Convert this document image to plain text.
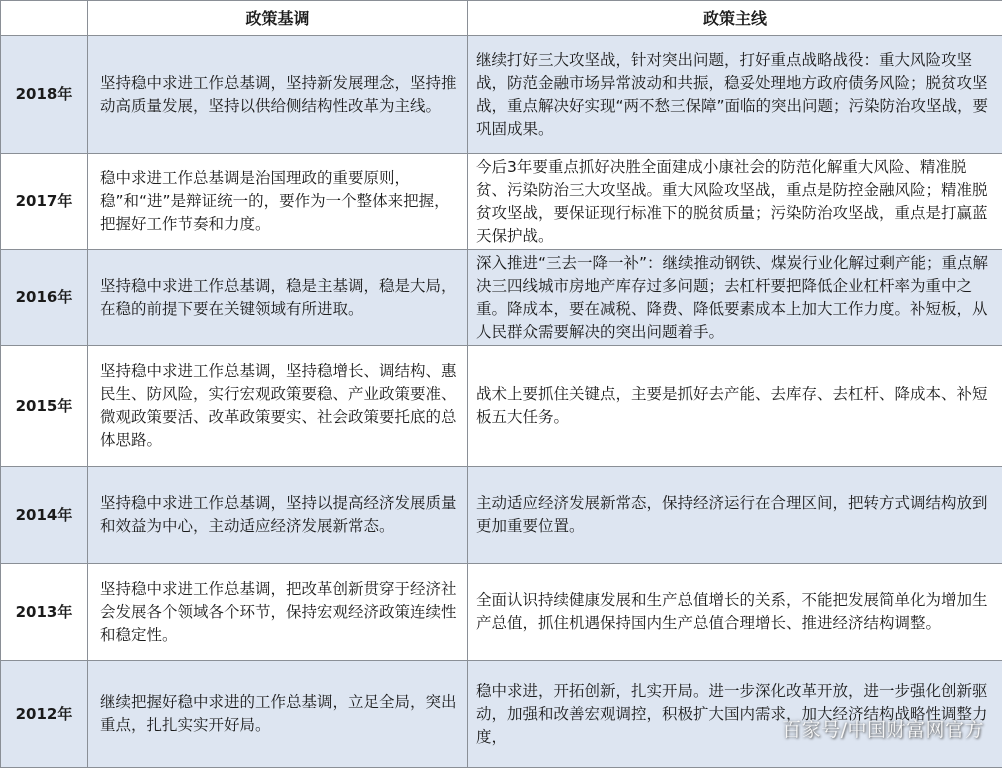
	政策基调	政策主线
2018年	坚持稳中求进工作总基调，坚持新发展理念，坚持推动高质量发展，坚持以供给侧结构性改革为主线。	继续打好三大攻坚战，针对突出问题，打好重点战略战役：重大风险攻坚战，防范金融市场异常波动和共振，稳妥处理地方政府债务风险；脱贫攻坚战，重点解决好实现“两不愁三保障”面临的突出问题；污染防治攻坚战，要巩固成果。
2017年	稳中求进工作总基调是治国理政的重要原则，稳”和“进”是辩证统一的，要作为一个整体来把握，把握好工作节奏和力度。	今后3年要重点抓好决胜全面建成小康社会的防范化解重大风险、精准脱贫、污染防治三大攻坚战。重大风险攻坚战，重点是防控金融风险；精准脱贫攻坚战，要保证现行标准下的脱贫质量；污染防治攻坚战，重点是打赢蓝天保护战。
2016年	坚持稳中求进工作总基调，稳是主基调，稳是大局，在稳的前提下要在关键领域有所进取。	深入推进“三去一降一补”：继续推动钢铁、煤炭行业化解过剩产能；重点解决三四线城市房地产库存过多问题；去杠杆要把降低企业杠杆率为重中之重。降成本，要在减税、降费、降低要素成本上加大工作力度。补短板，从人民群众需要解决的突出问题着手。
2015年	坚持稳中求进工作总基调，坚持稳增长、调结构、惠民生、防风险，实行宏观政策要稳、产业政策要准、微观政策要活、改革政策要实、社会政策要托底的总体思路。	战术上要抓住关键点，主要是抓好去产能、去库存、去杠杆、降成本、补短板五大任务。
2014年	坚持稳中求进工作总基调，坚持以提高经济发展质量和效益为中心，主动适应经济发展新常态。	主动适应经济发展新常态，保持经济运行在合理区间，把转方式调结构放到更加重要位置。
2013年	坚持稳中求进工作总基调，把改革创新贯穿于经济社会发展各个领域各个环节，保持宏观经济政策连续性和稳定性。	全面认识持续健康发展和生产总值增长的关系，不能把发展简单化为增加生产总值，抓住机遇保持国内生产总值合理增长、推进经济结构调整。
2012年	继续把握好稳中求进的工作总基调，立足全局，突出重点，扎扎实实开好局。	稳中求进，开拓创新，扎实开局。进一步深化改革开放，进一步强化创新驱动，加强和改善宏观调控，积极扩大国内需求，加大经济结构战略性调整力度，	百家号/中国财富网官方
